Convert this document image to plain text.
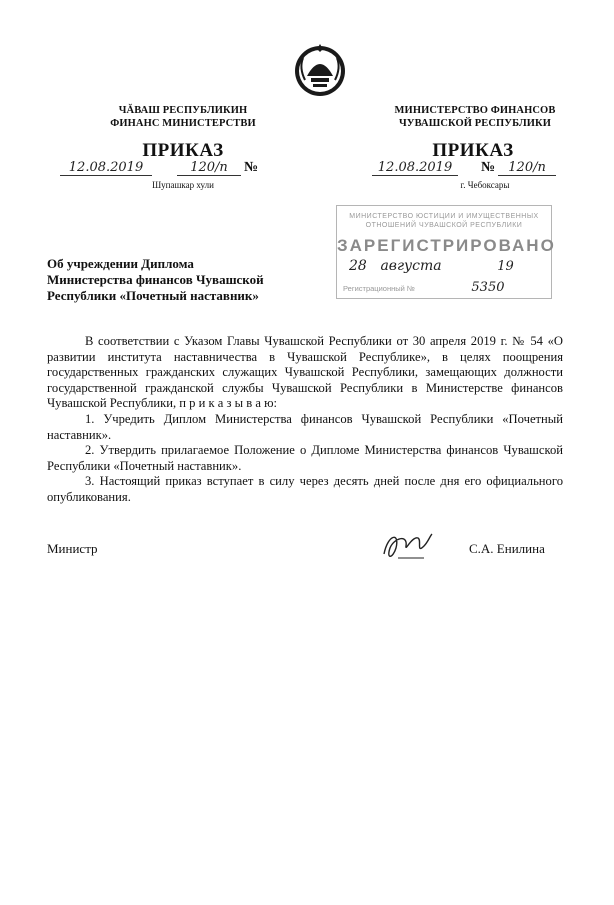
ЧĂВАШ РЕСПУБЛИКИН
ФИНАНС МИНИСТЕРСТВИ
МИНИСТЕРСТВО ФИНАНСОВ
ЧУВАШСКОЙ РЕСПУБЛИКИ
ПРИКАЗ
12.08.2019	120/п №
Шупашкар хули
ПРИКАЗ
12.08.2019 № 120/п
г. Чебоксары
МИНИСТЕРСТВО ЮСТИЦИИ И ИМУЩЕСТВЕННЫХ
ОТНОШЕНИЙ ЧУВАШСКОЙ РЕСПУБЛИКИ
ЗАРЕГИСТРИРОВАНО
28 августа	19
Регистрационный №	5350
Об учреждении Диплома
Министерства финансов Чувашской
Республики «Почетный наставник»

В соответствии с Указом Главы Чувашской Республики от 30 апреля 2019 г. № 54 «О развитии института наставничества в Чувашской Республике», в целях поощрения государственных гражданских служащих Чувашской Республики, замещающих должности государственной гражданской службы Чувашской Республики в Министерстве финансов Чувашской Республики, п р и к а з ы в а ю:

1. Учредить Диплом Министерства финансов Чувашской Республики «Почетный наставник».

2. Утвердить прилагаемое Положение о Дипломе Министерства финансов Чувашской Республики «Почетный наставник».

3. Настоящий приказ вступает в силу через десять дней после дня его официального опубликования.

Министр	С.А. Енилина
